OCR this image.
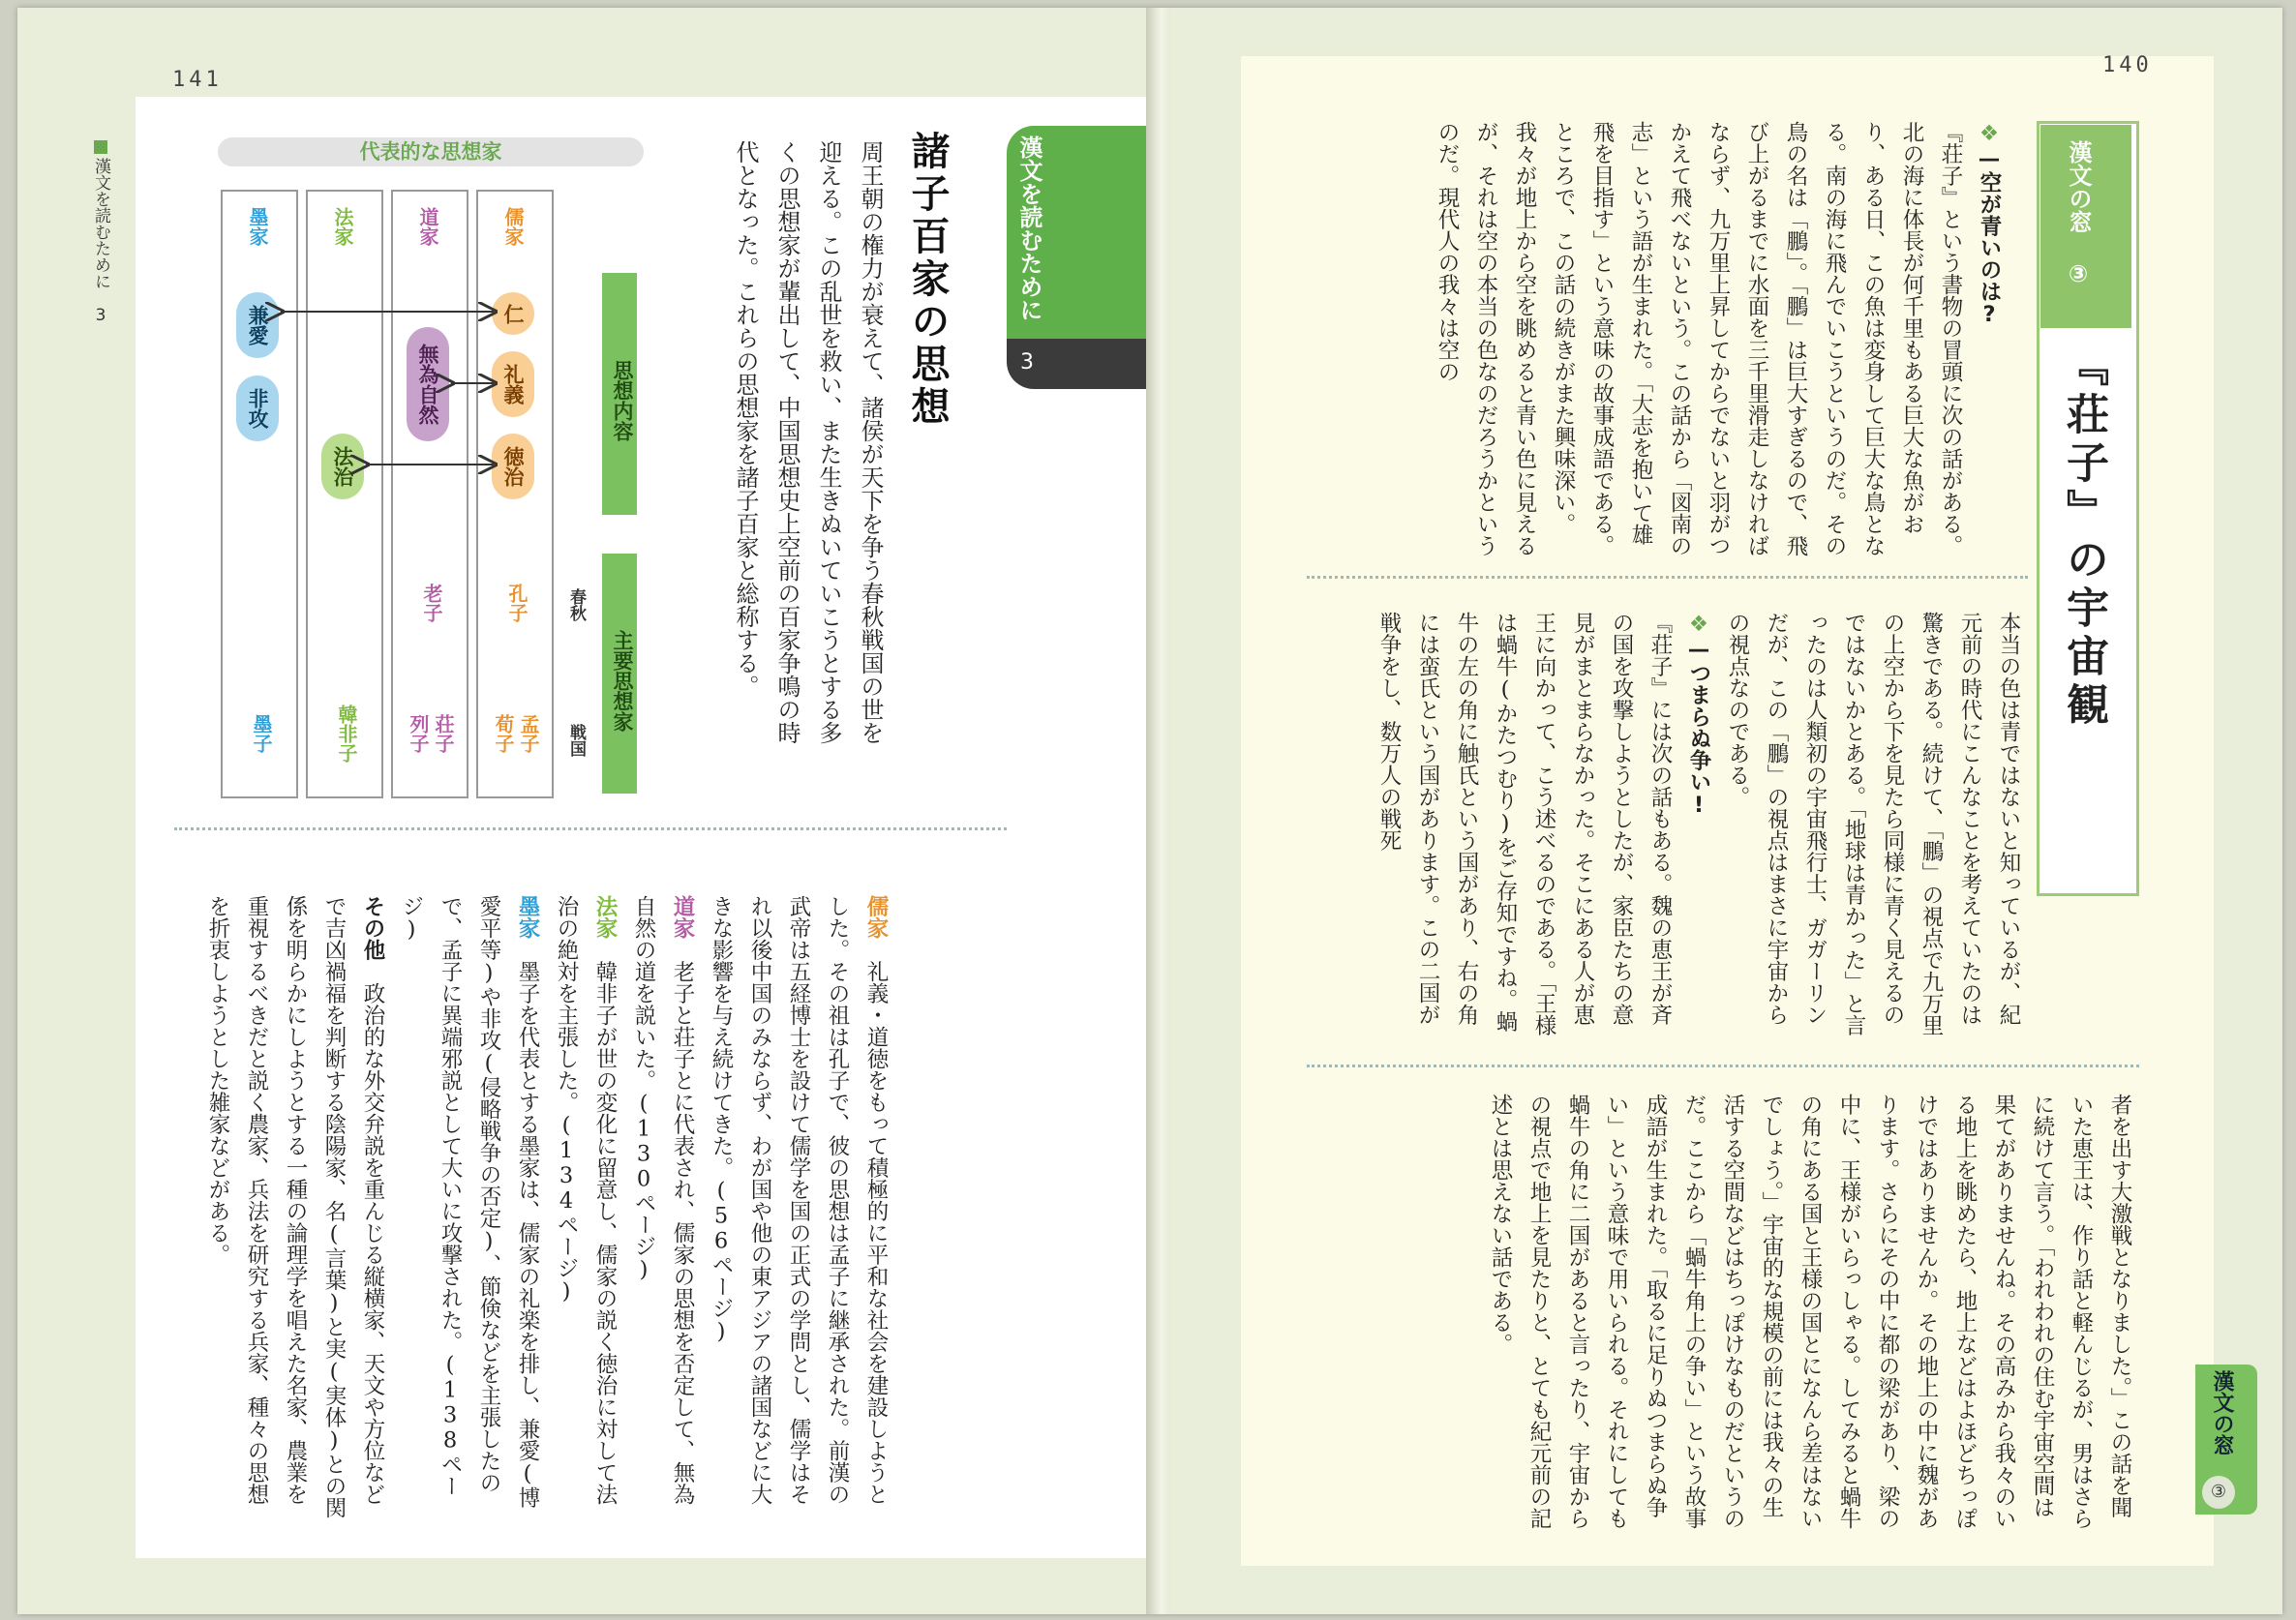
141
漢文を読むために　3	漢文を読むために
3
諸子百家の思想
周王朝の権力が衰えて、諸侯が天下を争う春秋戦国の世を迎える。この乱世を救い、また生きぬいていこうとする多くの思想家が輩出して、中国思想史上空前の百家争鳴の時代となった。これらの思想家を諸子百家と総称する。
代表的な思想家
思想内容
主要思想家
春秋
戦国
儒家
仁
礼義
徳治
孔子
孟子
荀子
道家
無為自然
老子
荘子
列子
法家
法治
韓非子
墨家
兼愛
非攻
墨子
儒家　礼義・道徳をもって積極的に平和な社会を建設しようとした。その祖は孔子で、彼の思想は孟子に継承された。前漢の武帝は五経博士を設けて儒学を国の正式の学問とし、儒学はそれ以後中国のみならず、わが国や他の東アジアの諸国などに大きな影響を与え続けてきた。(56ページ)
道家　老子と荘子とに代表され、儒家の思想を否定して、無為自然の道を説いた。(130ページ)
法家　韓非子が世の変化に留意し、儒家の説く徳治に対して法治の絶対を主張した。(134ページ)
墨家　墨子を代表とする墨家は、儒家の礼楽を排し、兼愛(博愛平等)や非攻(侵略戦争の否定)、節倹などを主張したので、孟子に異端邪説として大いに攻撃された。(138ページ)
その他　政治的な外交弁説を重んじる縦横家、天文や方位などで吉凶禍福を判断する陰陽家、名(言葉)と実(実体)との関係を明らかにしようとする一種の論理学を唱えた名家、農業を重視するべきだと説く農家、兵法を研究する兵家、種々の思想を折衷しようとした雑家などがある。
140
漢文の窓 ③
『荘子』の宇宙観
❖—空が青いのは?
『荘子』という書物の冒頭に次の話がある。北の海に体長が何千里もある巨大な魚がおり、ある日、この魚は変身して巨大な鳥となる。南の海に飛んでいこうというのだ。その鳥の名は「鵬」。「鵬」は巨大すぎるので、飛び上がるまでに水面を三千里滑走しなければならず、九万里上昇してからでないと羽がつかえて飛べないという。この話から「図南の志」という語が生まれた。「大志を抱いて雄飛を目指す」という意味の故事成語である。ところで、この話の続きがまた興味深い。我々が地上から空を眺めると青い色に見えるが、それは空の本当の色なのだろうかというのだ。現代人の我々は空の
本当の色は青ではないと知っているが、紀元前の時代にこんなことを考えていたのは驚きである。続けて、「鵬」の視点で九万里の上空から下を見たら同様に青く見えるのではないかとある。「地球は青かった」と言ったのは人類初の宇宙飛行士、ガガーリンだが、この「鵬」の視点はまさに宇宙からの視点なのである。
❖—つまらぬ争い!
『荘子』には次の話もある。魏の恵王が斉の国を攻撃しようとしたが、家臣たちの意見がまとまらなかった。そこにある人が恵王に向かって、こう述べるのである。「王様は蝸牛(かたつむり)をご存知ですね。蝸牛の左の角に触氏という国があり、右の角には蛮氏という国があります。この二国が戦争をし、数万人の戦死
者を出す大激戦となりました。」この話を聞いた恵王は、作り話と軽んじるが、男はさらに続けて言う。「われわれの住む宇宙空間は果てがありませんね。その高みから我々のいる地上を眺めたら、地上などはよほどちっぽけではありませんか。その地上の中に魏があります。さらにその中に都の梁があり、梁の中に、王様がいらっしゃる。してみると蝸牛の角にある国と王様の国とになんら差はないでしょう。」宇宙的な規模の前には我々の生活する空間などはちっぽけなものだというのだ。ここから「蝸牛角上の争い」という故事成語が生まれた。「取るに足りぬつまらぬ争い」という意味で用いられる。それにしても蝸牛の角に二国があると言ったり、宇宙からの視点で地上を見たりと、とても紀元前の記述とは思えない話である。
漢文の窓
③
